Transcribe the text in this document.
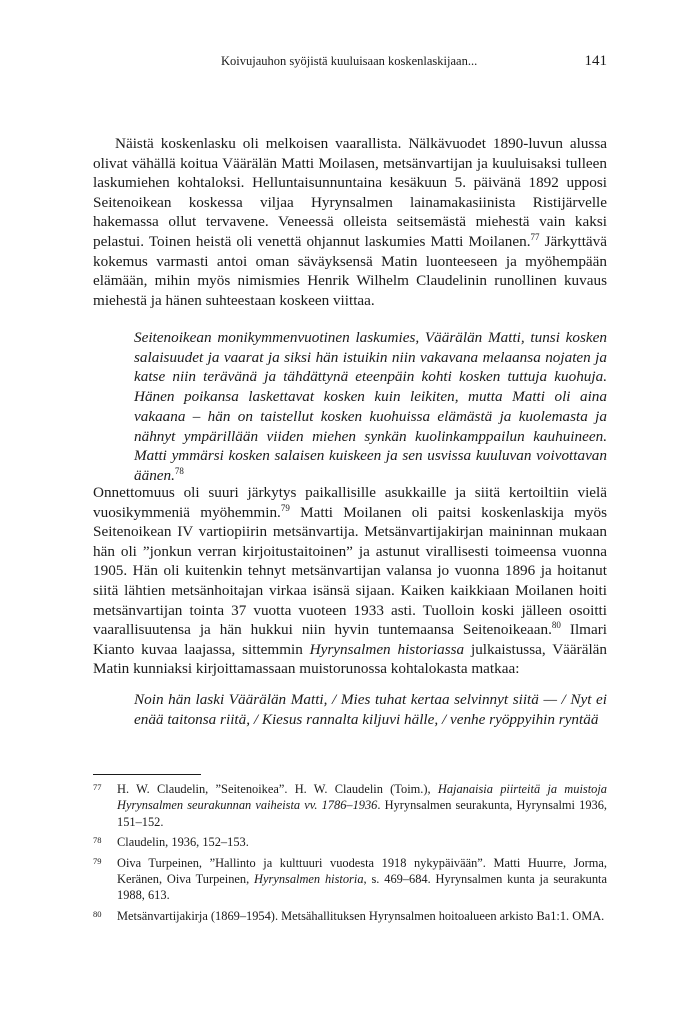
Koivujauhon syöjistä kuuluisaan koskenlaskijaan...	141

Näistä koskenlasku oli melkoisen vaarallista. Nälkävuodet 1890-luvun alussa olivat vähällä koitua Väärälän Matti Moilasen, metsänvartijan ja kuuluisaksi tulleen laskumiehen kohtaloksi. Helluntaisunnuntaina kesäkuun 5. päivänä 1892 upposi Seitenoikean koskessa viljaa Hyrynsalmen lainamakasiinista Ristijärvelle hakemassa ollut tervavene. Veneessä olleista seitsemästä miehestä vain kaksi pelastui. Toinen heistä oli venettä ohjannut laskumies Matti Moilanen.$^{77}$ Järkyttävä kokemus varmasti antoi oman säväyksensä Matin luonteeseen ja myöhempään elämään, mihin myös nimismies Henrik Wilhelm Claudelinin runollinen kuvaus miehestä ja hänen suhteestaan koskeen viittaa.

Seitenoikean monikymmenvuotinen laskumies, Väärälän Matti, tunsi kosken salaisuudet ja vaarat ja siksi hän istuikin niin vakavana melaansa nojaten ja katse niin terävänä ja tähdättynä eteenpäin kohti kosken tuttuja kuohuja. Hänen poikansa laskettavat kosken kuin leikiten, mutta Matti oli aina vakaana – hän on taistellut kosken kuohuissa elämästä ja kuolemasta ja nähnyt ympärillään viiden miehen synkän kuolinkamppailun kauhuineen. Matti ymmärsi kosken salaisen kuiskeen ja sen usvissa kuuluvan voivottavan äänen.$^{78}$

Onnettomuus oli suuri järkytys paikallisille asukkaille ja siitä kertoiltiin vielä vuosikymmeniä myöhemmin.$^{79}$ Matti Moilanen oli paitsi koskenlaskija myös Seitenoikean IV vartiopiirin metsänvartija. Metsänvartijakirjan maininnan mukaan hän oli ”jonkun verran kirjoitustaitoinen” ja astunut virallisesti toimeensa vuonna 1905. Hän oli kuitenkin tehnyt metsänvartijan valansa jo vuonna 1896 ja hoitanut siitä lähtien metsänhoitajan virkaa isänsä sijaan. Kaiken kaikkiaan Moilanen hoiti metsänvartijan tointa 37 vuotta vuoteen 1933 asti. Tuolloin koski jälleen osoitti vaarallisuutensa ja hän hukkui niin hyvin tuntemaansa Seitenoikeaan.$^{80}$ Ilmari Kianto kuvaa laajassa, sittemmin Hyrynsalmen historiassa julkaistussa, Väärälän Matin kunniaksi kirjoittamassaan muistorunossa kohtalokasta matkaa:

Noin hän laski Väärälän Matti, / Mies tuhat kertaa selvinnyt siitä — / Nyt ei enää taitonsa riitä, / Kiesus rannalta kiljuvi hälle, / venhe ryöppyihin ryntää

77 H. W. Claudelin, ”Seitenoikea”. H. W. Claudelin (Toim.), Hajanaisia piirteitä ja muistoja Hyrynsalmen seurakunnan vaiheista vv. 1786–1936. Hyrynsalmen seurakunta, Hyrynsalmi 1936, 151–152.
78 Claudelin, 1936, 152–153.
79 Oiva Turpeinen, ”Hallinto ja kulttuuri vuodesta 1918 nykypäivään”. Matti Huurre, Jorma, Keränen, Oiva Turpeinen, Hyrynsalmen historia, s. 469–684. Hyrynsalmen kunta ja seurakunta 1988, 613.
80 Metsänvartijakirja (1869–1954). Metsähallituksen Hyrynsalmen hoitoalueen arkisto Ba1:1. OMA.
